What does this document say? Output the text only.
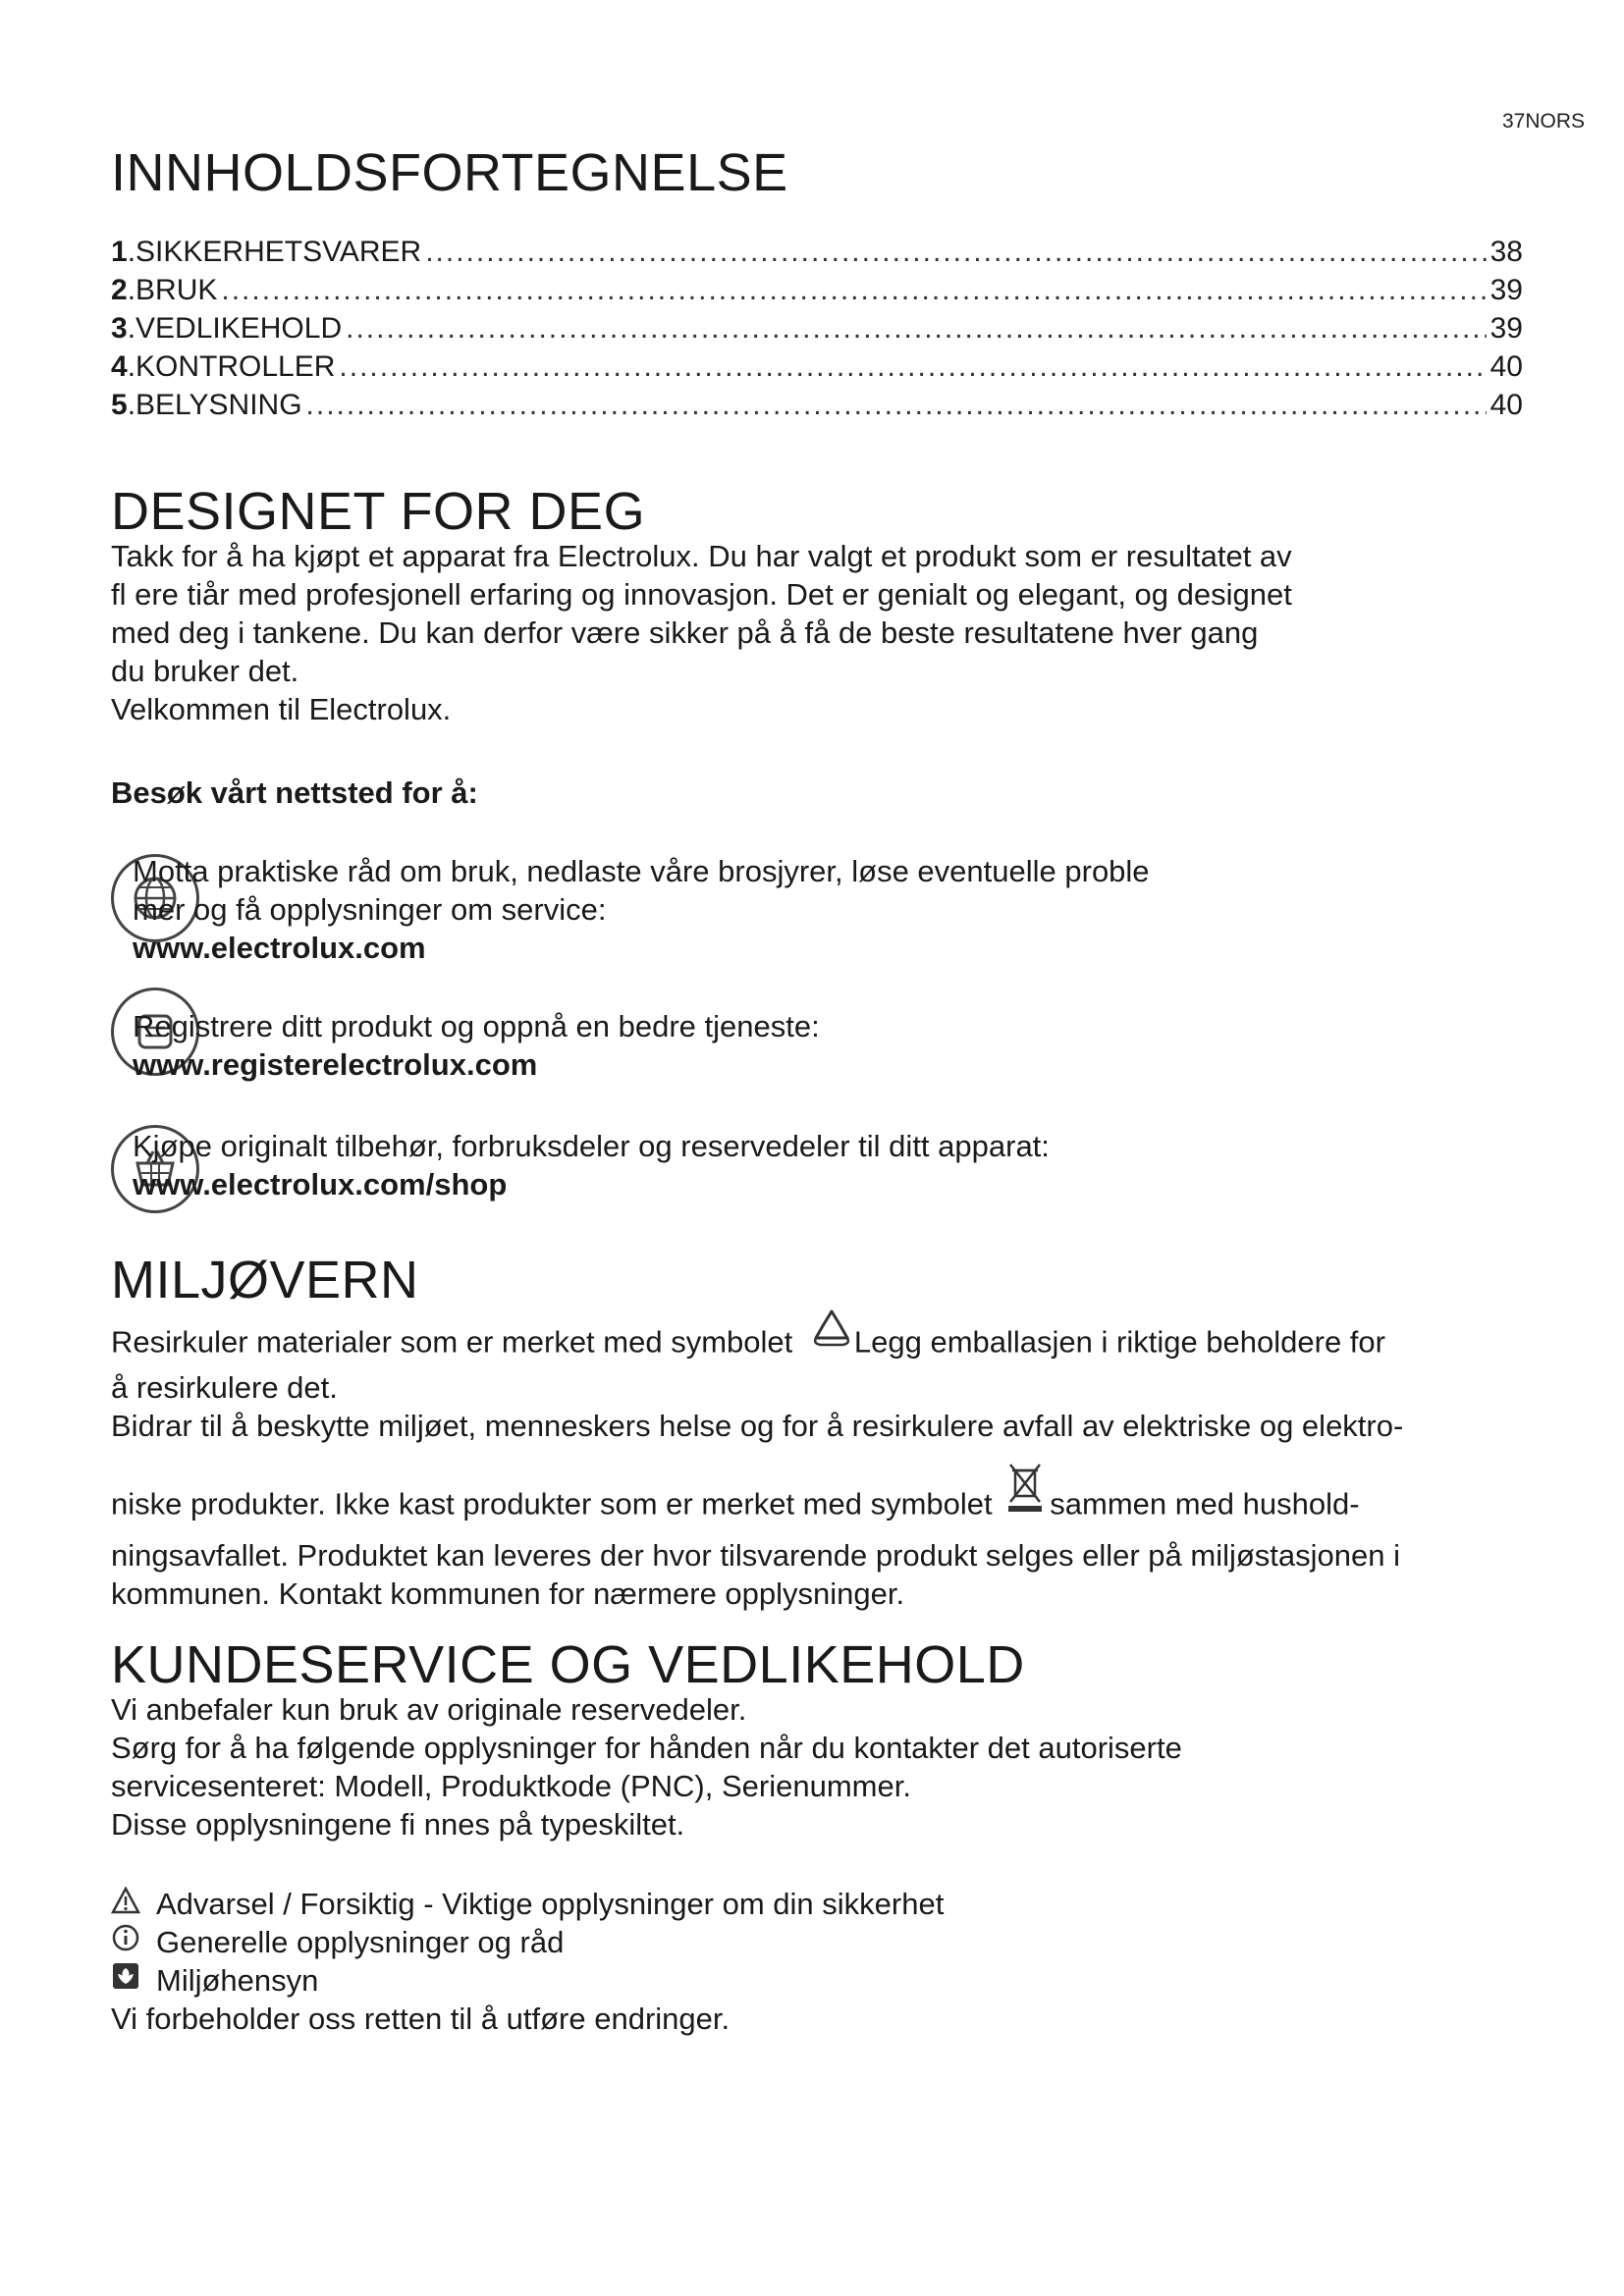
37NORS
INNHOLDSFORTEGNELSE
1 . SIKKERHETSVARER .....	38
2 . BRUK .....	39
3 . VEDLIKEHOLD .....	39
4 . KONTROLLER .....	40
5 . BELYSNING .....	40
DESIGNET FOR DEG
Takk for å ha kjøpt et apparat fra Electrolux. Du har valgt et produkt som er resultatet av
fl ere tiår med profesjonell erfaring og innovasjon. Det er genialt og elegant, og designet
med deg i tankene. Du kan derfor være sikker på å få de beste resultatene hver gang
du bruker det.
Velkommen til Electrolux.
Besøk vårt nettsted for å:
Motta praktiske råd om bruk, nedlaste våre brosjyrer, løse eventuelle proble
mer og få opplysninger om service:
www.electrolux.com
Registrere ditt produkt og oppnå en bedre tjeneste:
www.registerelectrolux.com
Kjøpe originalt tilbehør, forbruksdeler og reservedeler til ditt apparat:
www.electrolux.com/shop
MILJØVERN
Resirkuler materialer som er merket med symbolet Legg emballasjen i riktige beholdere for
å resirkulere det.
Bidrar til å beskytte miljøet, menneskers helse og for å resirkulere avfall av elektriske og elektro-
niske produkter. Ikke kast produkter som er merket med symbolet sammen med hushold-
ningsavfallet. Produktet kan leveres der hvor tilsvarende produkt selges eller på miljøstasjonen i
kommunen. Kontakt kommunen for nærmere opplysninger.
KUNDESERVICE OG VEDLIKEHOLD
Vi anbefaler kun bruk av originale reservedeler.
Sørg for å ha følgende opplysninger for hånden når du kontakter det autoriserte
servicesenteret: Modell, Produktkode (PNC), Serienummer.
Disse opplysningene fi nnes på typeskiltet.
Advarsel / Forsiktig - Viktige opplysninger om din sikkerhet
Generelle opplysninger og råd
Miljøhensyn
Vi forbeholder oss retten til å utføre endringer.
